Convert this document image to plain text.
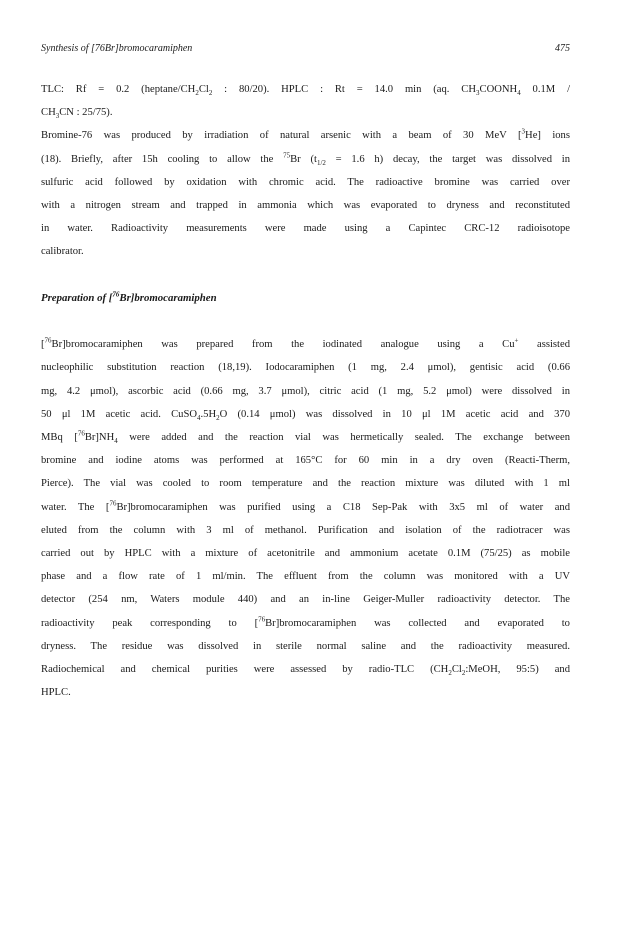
Synthesis of [76Br]bromocaramiphen	475
TLC: Rf = 0.2 ($heptane/CH_2Cl_2$ : 80/20). HPLC : Rt = 14.0 min (aq. $CH_3COONH_4$ 0.1M /
$CH_3CN$ : 25/75).
Bromine-76 was produced by irradiation of natural arsenic with a beam of 30 MeV [$^3$He] ions
(18). Briefly, after 15h cooling to allow the $^{75}$Br ($t_{1/2} = 1.6$ h) decay, the target was dissolved in
sulfuric acid followed by oxidation with chromic acid. The radioactive bromine was carried over
with a nitrogen stream and trapped in ammonia which was evaporated to dryness and reconstituted
in water. Radioactivity measurements were made using a Capintec CRC-12 radioisotope
calibrator.
Preparation of [$^{76}$Br]bromocaramiphen
[$^{76}$Br]bromocaramiphen was prepared from the iodinated analogue using a Cu+ assisted
nucleophilic substitution reaction (18,19). Iodocaramiphen (1 mg, 2.4 μmol), gentisic acid (0.66
mg, 4.2 μmol), ascorbic acid (0.66 mg, 3.7 μmol), citric acid (1 mg, 5.2 μmol) were dissolved in
50 μl 1M acetic acid. $CuSO_4.5H_2O$ (0.14 μmol) was dissolved in 10 μl 1M acetic acid and 370
MBq $[^{76}Br]NH_4$ were added and the reaction vial was hermetically sealed. The exchange between
bromine and iodine atoms was performed at 165°C for 60 min in a dry oven (Reacti-Therm,
Pierce). The vial was cooled to room temperature and the reaction mixture was diluted with 1 ml
water. The [$^{76}$Br]bromocaramiphen was purified using a C18 Sep-Pak with 3x5 ml of water and
eluted from the column with 3 ml of methanol. Purification and isolation of the radiotracer was
carried out by HPLC with a mixture of acetonitrile and ammonium acetate 0.1M (75/25) as mobile
phase and a flow rate of 1 ml/min. The effluent from the column was monitored with a UV
detector (254 nm, Waters module 440) and an in-line Geiger-Muller radioactivity detector. The
radioactivity peak corresponding to [$^{76}$Br]bromocaramiphen was collected and evaporated to
dryness. The residue was dissolved in sterile normal saline and the radioactivity measured.
Radiochemical and chemical purities were assessed by radio-TLC ($CH_2Cl_2:MeOH$, 95:5) and
HPLC.
